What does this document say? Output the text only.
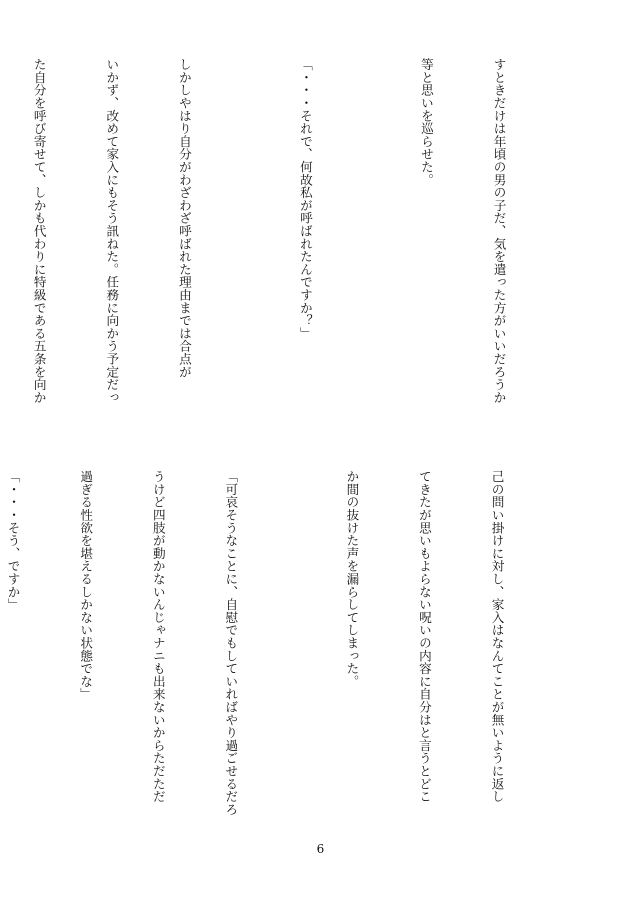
すときだけは年頃の男の子だ、気を遣った方がいいだろうか

等と思いを巡らせた。

「・・・それで、何故私が呼ばれたんですか？」

しかしやはり自分がわざわざ呼ばれた理由までは合点が

いかず、改めて家入にもそう訊ねた。任務に向かう予定だっ

た自分を呼び寄せて、しかも代わりに特級である五条を向か

己の問い掛けに対し、家入はなんてことが無いように返し

てきたが思いもよらない呪いの内容に自分はと言うとどこ

か間の抜けた声を漏らしてしまった。

「可哀そうなことに、自慰でもしていればやり過ごせるだろ

うけど四肢が動かないんじゃナニも出来ないからただただ

過ぎる性欲を堪えるしかない状態でな」

「・・・そう、ですか」

6
